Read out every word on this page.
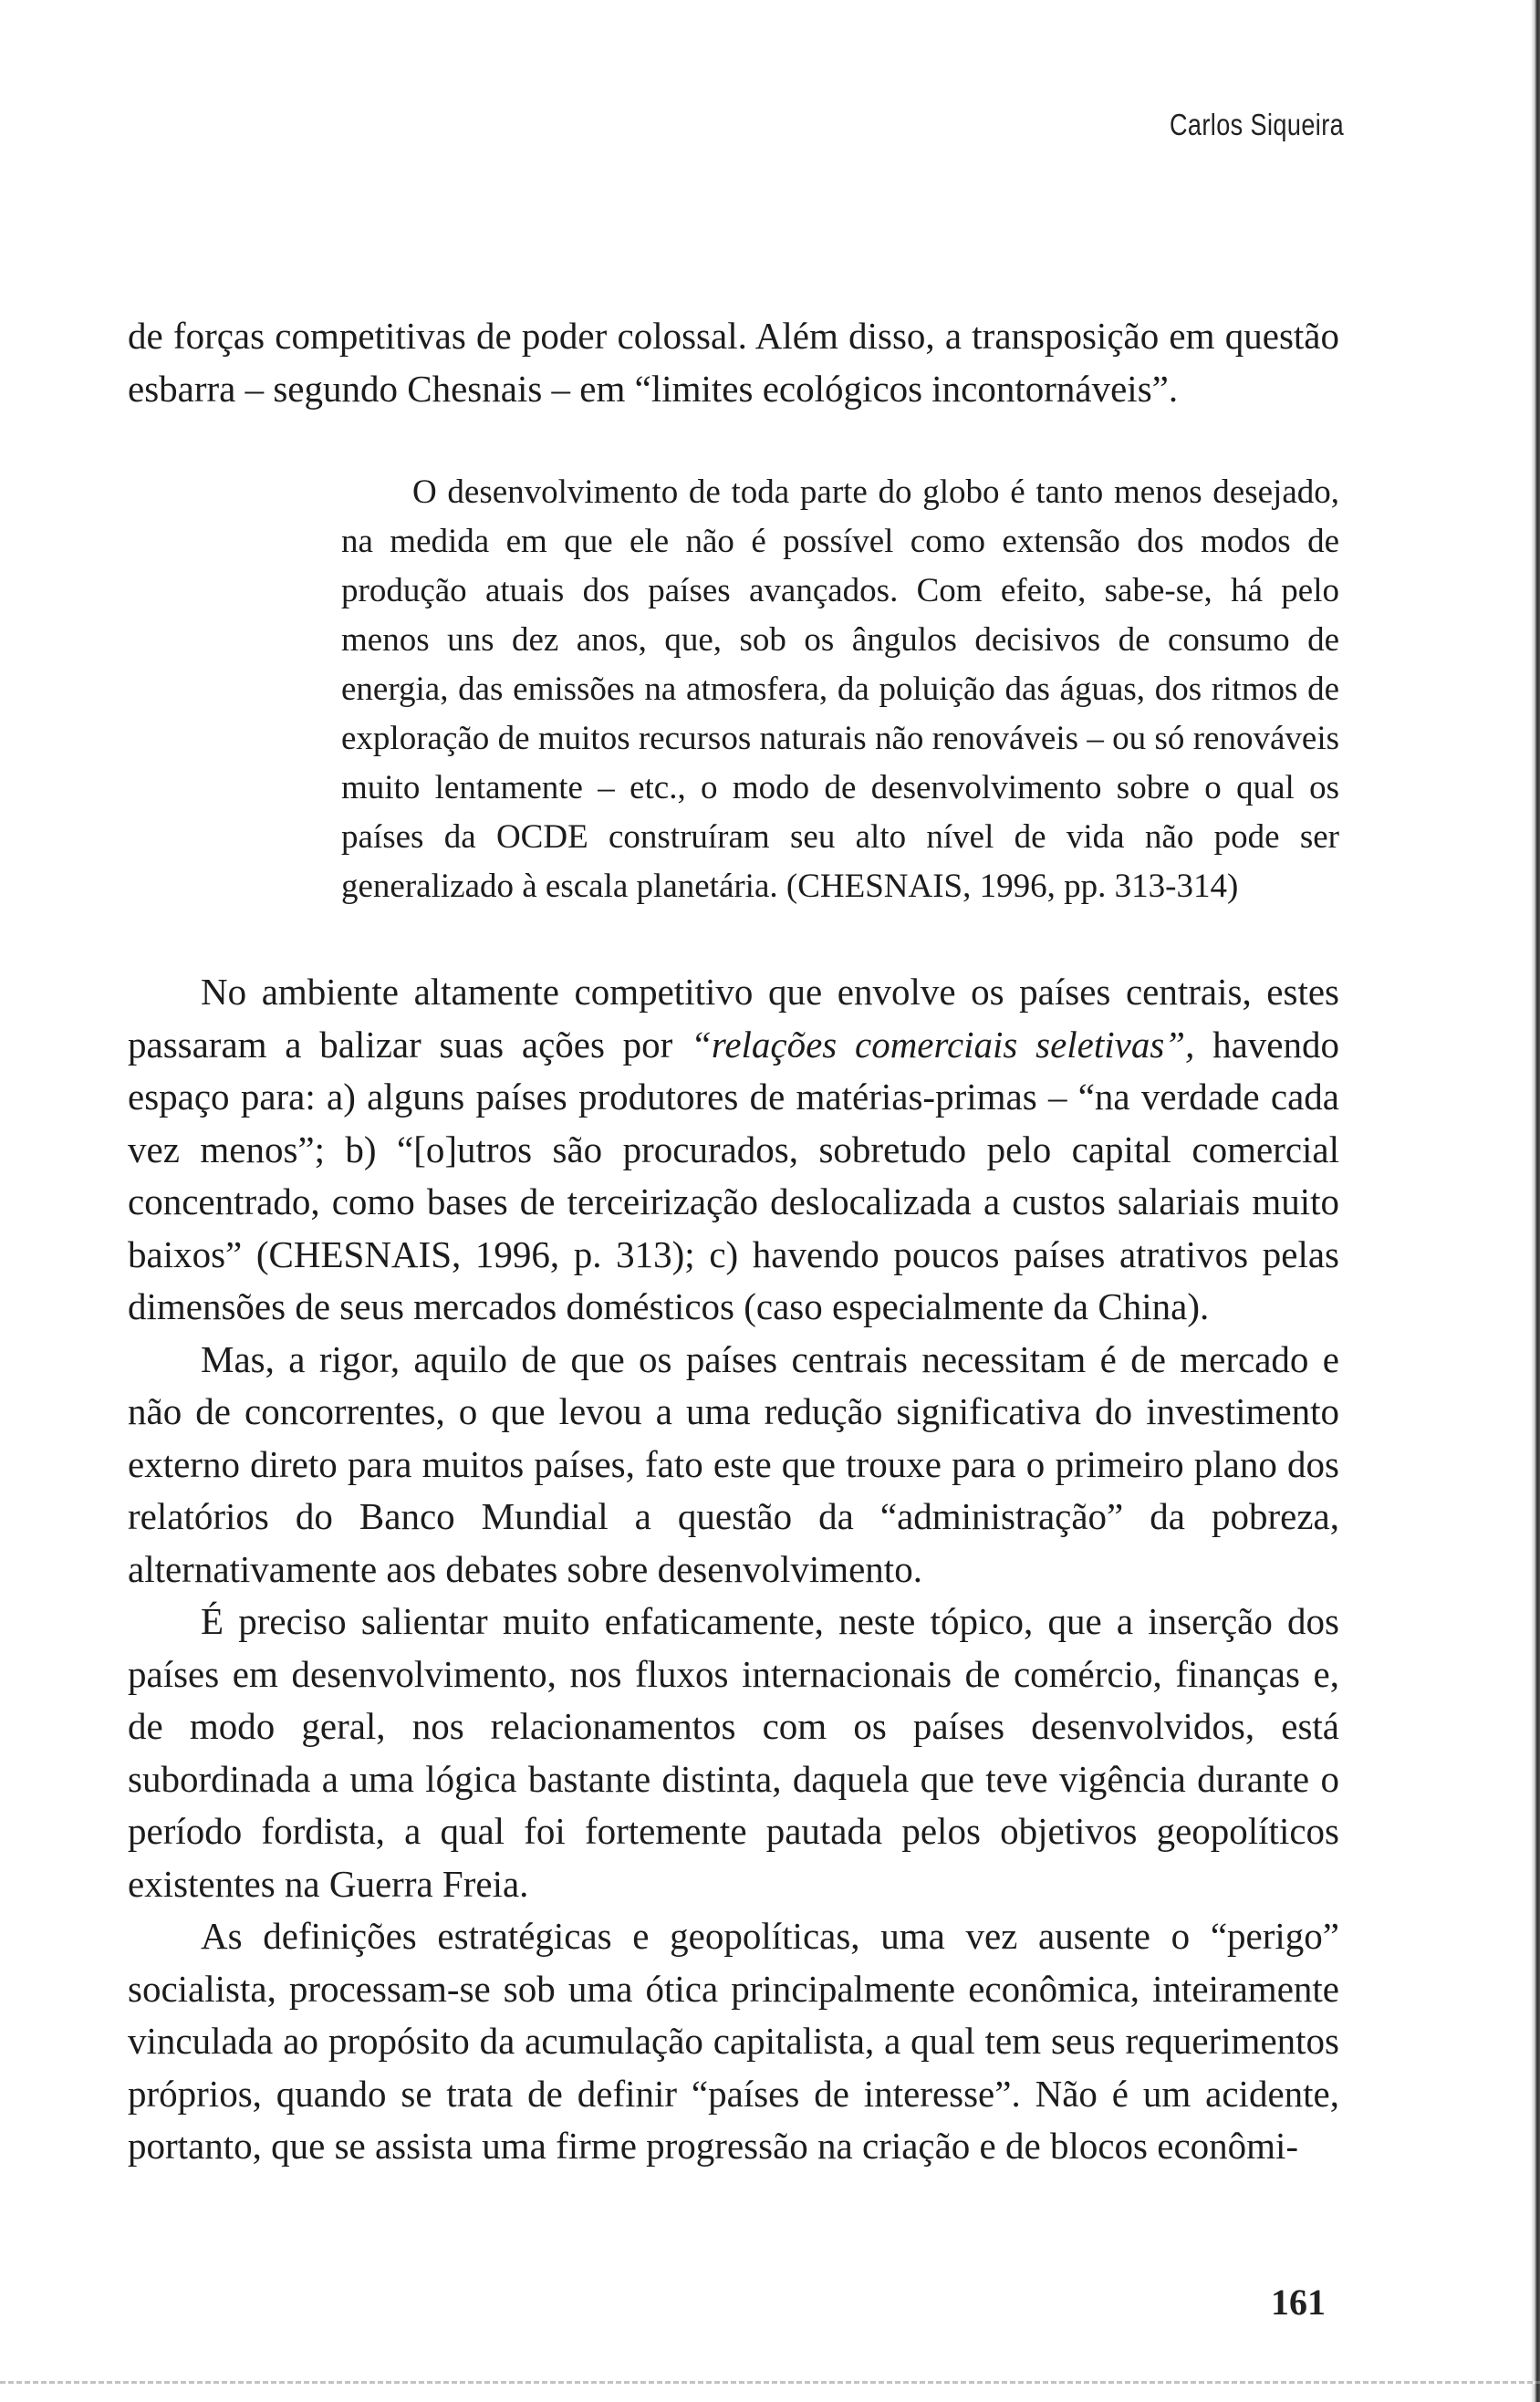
Carlos Siqueira

de forças competitivas de poder colossal. Além disso, a transposição em questão esbarra – segundo Chesnais – em “limites ecológicos incontornáveis”.

O desenvolvimento de toda parte do globo é tanto menos desejado, na medida em que ele não é possível como extensão dos modos de produção atuais dos países avançados. Com efeito, sabe-se, há pelo menos uns dez anos, que, sob os ângulos decisivos de consumo de energia, das emissões na atmosfera, da poluição das águas, dos ritmos de exploração de muitos recursos naturais não renováveis – ou só renováveis muito lentamente – etc., o modo de desenvolvimento sobre o qual os países da OCDE construíram seu alto nível de vida não pode ser generalizado à escala planetária. (CHESNAIS, 1996, pp. 313-314)

No ambiente altamente competitivo que envolve os países centrais, estes passaram a balizar suas ações por “relações comerciais seletivas”, havendo espaço para: a) alguns países produtores de matérias-primas – “na verdade cada vez menos”; b) “[o]utros são procurados, sobretudo pelo capital comercial concentrado, como bases de terceirização deslocalizada a custos salariais muito baixos” (CHESNAIS, 1996, p. 313); c) havendo poucos países atrativos pelas dimensões de seus mercados domésticos (caso especialmente da China).

Mas, a rigor, aquilo de que os países centrais necessitam é de mercado e não de concorrentes, o que levou a uma redução significativa do investimento externo direto para muitos países, fato este que trouxe para o primeiro plano dos relatórios do Banco Mundial a questão da “administração” da pobreza, alternativamente aos debates sobre desenvolvimento.

É preciso salientar muito enfaticamente, neste tópico, que a inserção dos países em desenvolvimento, nos fluxos internacionais de comércio, finanças e, de modo geral, nos relacionamentos com os países desenvolvidos, está subordinada a uma lógica bastante distinta, daquela que teve vigência durante o período fordista, a qual foi fortemente pautada pelos objetivos geopolíticos existentes na Guerra Freia.

As definições estratégicas e geopolíticas, uma vez ausente o “perigo” socialista, processam-se sob uma ótica principalmente econômica, inteiramente vinculada ao propósito da acumulação capitalista, a qual tem seus requerimentos próprios, quando se trata de definir “países de interesse”. Não é um acidente, portanto, que se assista uma firme progressão na criação e de blocos econômi-

161
